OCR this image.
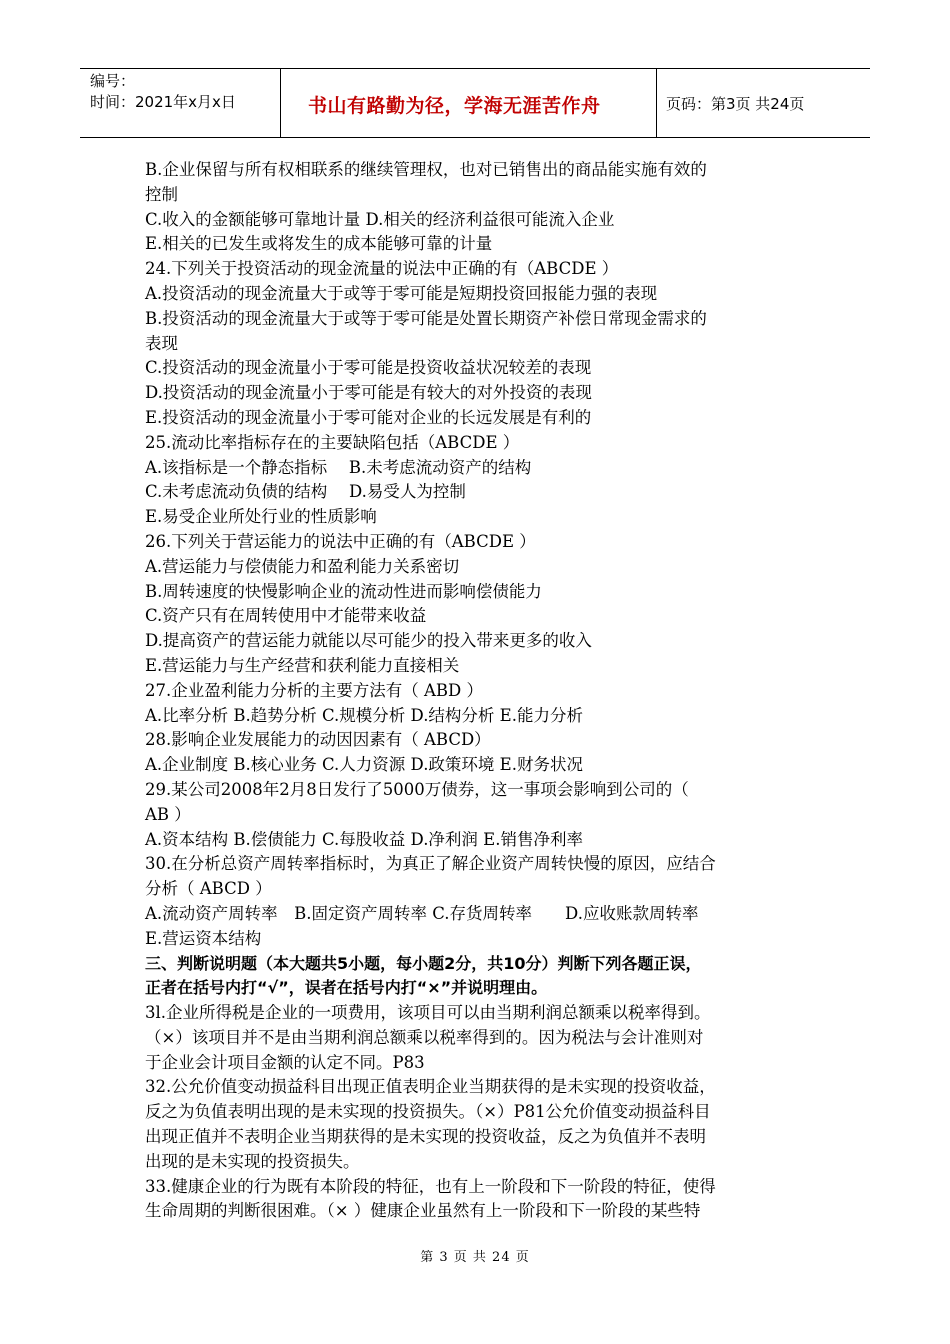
编号：
时间：2021年x月x日	书山有路勤为径，学海无涯苦作舟	页码：第3页 共24页
B.企业保留与所有权相联系的继续管理权，也对已销售出的商品能实施有效的
控制
C.收入的金额能够可靠地计量 D.相关的经济利益很可能流入企业
E.相关的已发生或将发生的成本能够可靠的计量
24.下列关于投资活动的现金流量的说法中正确的有（ABCDE ）
A.投资活动的现金流量大于或等于零可能是短期投资回报能力强的表现
B.投资活动的现金流量大于或等于零可能是处置长期资产补偿日常现金需求的
表现
C.投资活动的现金流量小于零可能是投资收益状况较差的表现
D.投资活动的现金流量小于零可能是有较大的对外投资的表现
E.投资活动的现金流量小于零可能对企业的长远发展是有利的
25.流动比率指标存在的主要缺陷包括（ABCDE ）
A.该指标是一个静态指标　 B.未考虑流动资产的结构
C.未考虑流动负债的结构　 D.易受人为控制
E.易受企业所处行业的性质影响
26.下列关于营运能力的说法中正确的有（ABCDE ）
A.营运能力与偿债能力和盈利能力关系密切
B.周转速度的快慢影响企业的流动性进而影响偿债能力
C.资产只有在周转使用中才能带来收益
D.提高资产的营运能力就能以尽可能少的投入带来更多的收入
E.营运能力与生产经营和获利能力直接相关
27.企业盈利能力分析的主要方法有（ ABD ）
A.比率分析 B.趋势分析 C.规模分析 D.结构分析 E.能力分析
28.影响企业发展能力的动因因素有（ ABCD）
A.企业制度 B.核心业务 C.人力资源 D.政策环境 E.财务状况
29.某公司2008年2月8日发行了5000万债券，这一事项会影响到公司的（
AB ）
A.资本结构 B.偿债能力 C.每股收益 D.净利润 E.销售净利率
30.在分析总资产周转率指标时，为真正了解企业资产周转快慢的原因，应结合
分析（ ABCD ）
A.流动资产周转率　B.固定资产周转率 C.存货周转率　　D.应收账款周转率
E.营运资本结构
三、判断说明题（本大题共5小题，每小题2分，共10分）判断下列各题正误，
正者在括号内打“√”，误者在括号内打“×”并说明理由。
3l.企业所得税是企业的一项费用，该项目可以由当期利润总额乘以税率得到。
（×）该项目并不是由当期利润总额乘以税率得到的。因为税法与会计准则对
于企业会计项目金额的认定不同。P83
32.公允价值变动损益科目出现正值表明企业当期获得的是未实现的投资收益，
反之为负值表明出现的是未实现的投资损失。（×）P81公允价值变动损益科目
出现正值并不表明企业当期获得的是未实现的投资收益，反之为负值并不表明
出现的是未实现的投资损失。
33.健康企业的行为既有本阶段的特征，也有上一阶段和下一阶段的特征，使得
生命周期的判断很困难。（× ）健康企业虽然有上一阶段和下一阶段的某些特
第 3 页 共 24 页
